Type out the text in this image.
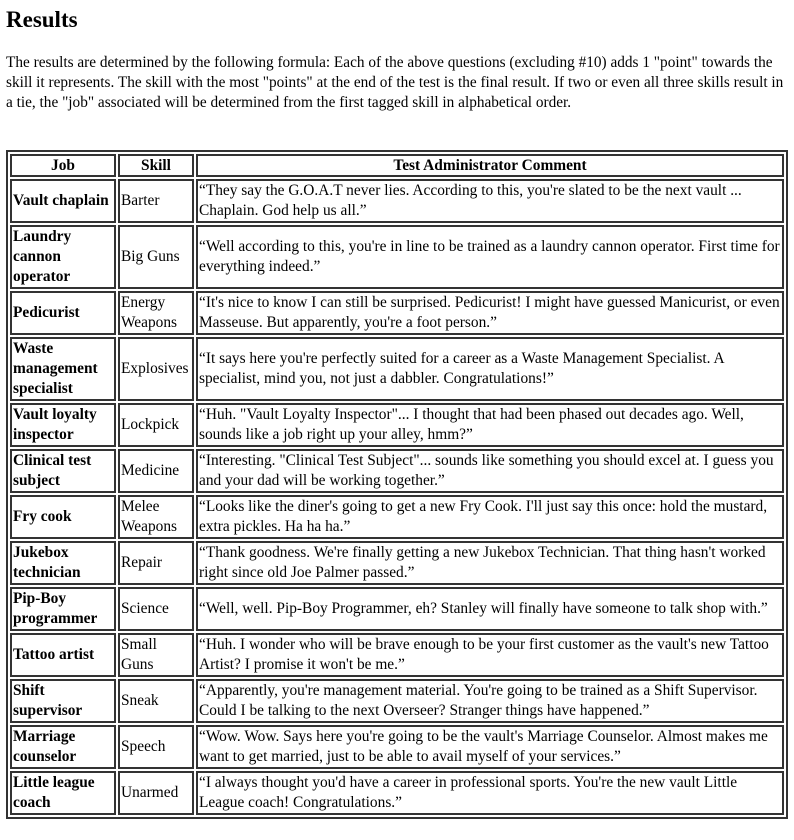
Results

The results are determined by the following formula: Each of the above questions (excluding #10) adds 1 "point" towards the skill it represents. The skill with the most "points" at the end of the test is the final result. If two or even all three skills result in a tie, the "job" associated will be determined from the first tagged skill in alphabetical order.

Job	Skill	Test Administrator Comment
Vault chaplain	Barter	“They say the G.O.A.T never lies. According to this, you're slated to be the next vault ... Chaplain. God help us all.”
Laundry cannon operator	Big Guns	“Well according to this, you're in line to be trained as a laundry cannon operator. First time for everything indeed.”
Pedicurist	Energy Weapons	“It's nice to know I can still be surprised. Pedicurist! I might have guessed Manicurist, or even Masseuse. But apparently, you're a foot person.”
Waste management specialist	Explosives	“It says here you're perfectly suited for a career as a Waste Management Specialist. A specialist, mind you, not just a dabbler. Congratulations!”
Vault loyalty inspector	Lockpick	“Huh. "Vault Loyalty Inspector"... I thought that had been phased out decades ago. Well, sounds like a job right up your alley, hmm?”
Clinical test subject	Medicine	“Interesting. "Clinical Test Subject"... sounds like something you should excel at. I guess you and your dad will be working together.”
Fry cook	Melee Weapons	“Looks like the diner's going to get a new Fry Cook. I'll just say this once: hold the mustard, extra pickles. Ha ha ha.”
Jukebox technician	Repair	“Thank goodness. We're finally getting a new Jukebox Technician. That thing hasn't worked right since old Joe Palmer passed.”
Pip-Boy programmer	Science	“Well, well. Pip-Boy Programmer, eh? Stanley will finally have someone to talk shop with.”
Tattoo artist	Small Guns	“Huh. I wonder who will be brave enough to be your first customer as the vault's new Tattoo Artist? I promise it won't be me.”
Shift supervisor	Sneak	“Apparently, you're management material. You're going to be trained as a Shift Supervisor. Could I be talking to the next Overseer? Stranger things have happened.”
Marriage counselor	Speech	“Wow. Wow. Says here you're going to be the vault's Marriage Counselor. Almost makes me want to get married, just to be able to avail myself of your services.”
Little league coach	Unarmed	“I always thought you'd have a career in professional sports. You're the new vault Little League coach! Congratulations.”
